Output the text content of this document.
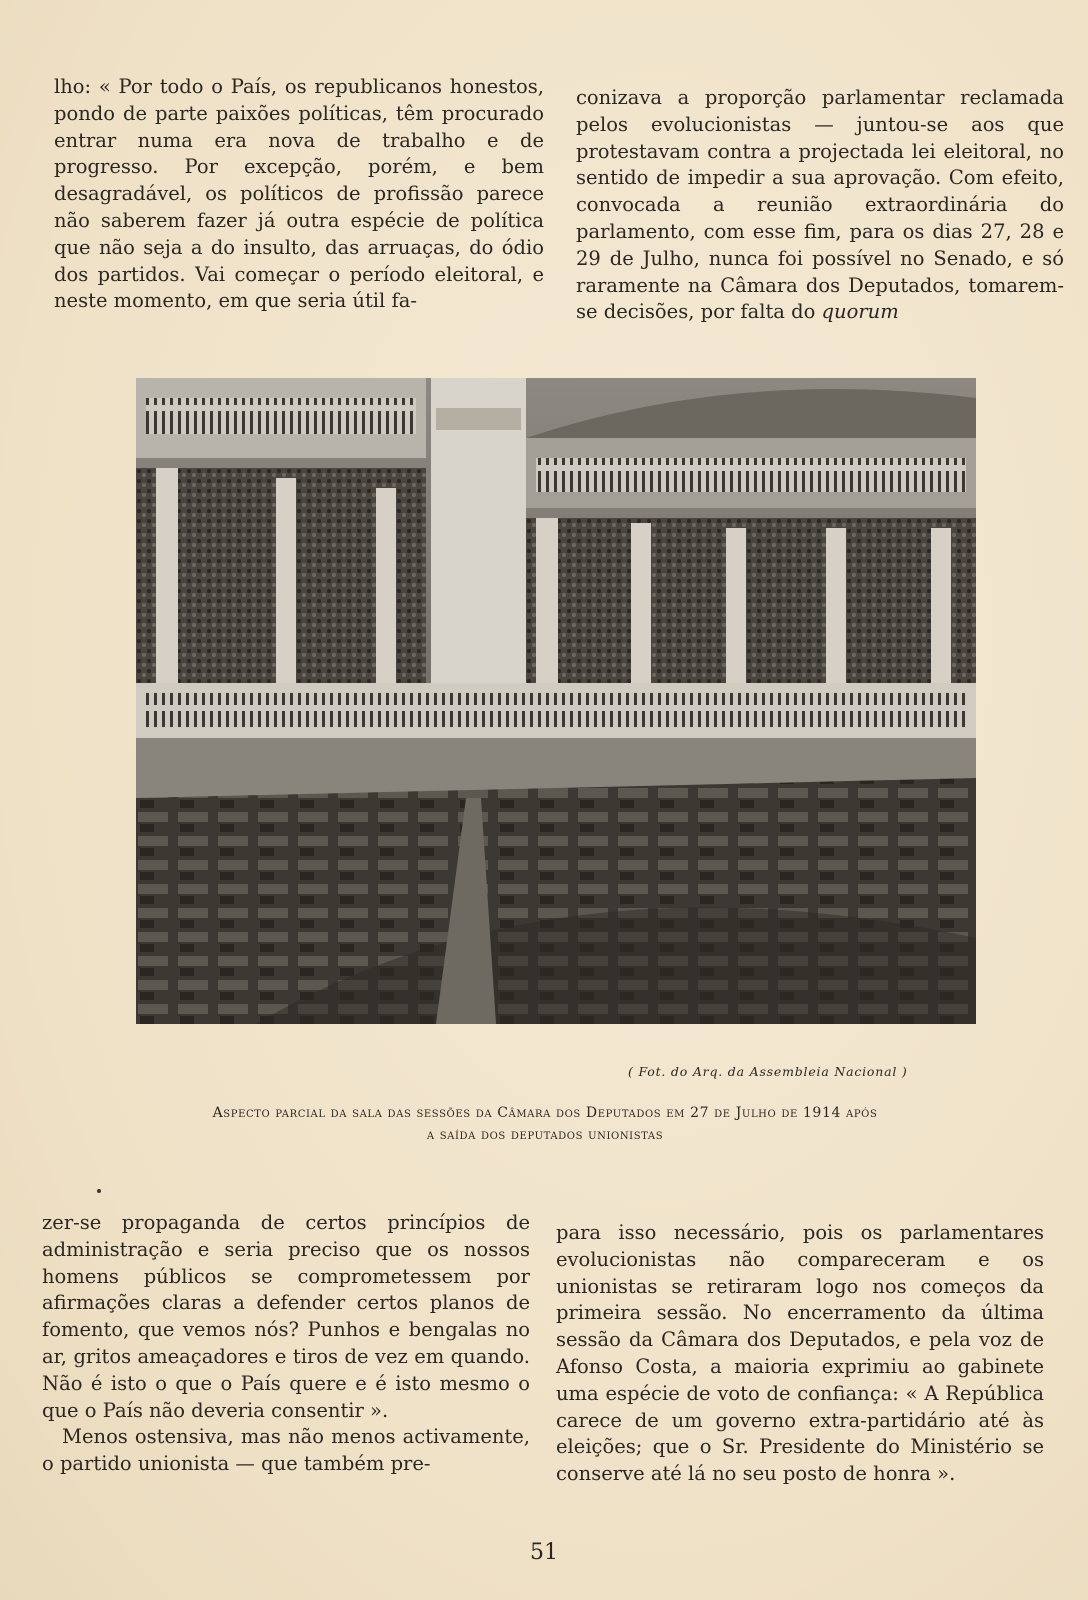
lho: « Por todo o País, os republicanos honestos, pondo de parte paixões políticas, têm procurado entrar numa era nova de trabalho e de progresso. Por excepção, porém, e bem desagradável, os políticos de profissão parece não saberem fazer já outra espécie de política que não seja a do insulto, das arruaças, do ódio dos partidos. Vai começar o período eleitoral, e neste momento, em que seria útil fa-

conizava a proporção parlamentar reclamada pelos evolucionistas — juntou-se aos que protestavam contra a projectada lei eleitoral, no sentido de impedir a sua aprovação. Com efeito, convocada a reunião extraordinária do parlamento, com esse fim, para os dias 27, 28 e 29 de Julho, nunca foi possível no Senado, e só raramente na Câmara dos Deputados, tomarem-se decisões, por falta do quorum

( Fot. do Arq. da Assembleia Nacional )
Aspecto parcial da sala das sessões da Câmara dos Deputados em 27 de Julho de 1914 após
a saída dos deputados unionistas

zer-se propaganda de certos princípios de administração e seria preciso que os nossos homens públicos se comprometessem por afirmações claras a defender certos planos de fomento, que vemos nós? Punhos e bengalas no ar, gritos ameaçadores e tiros de vez em quando. Não é isto o que o País quere e é isto mesmo o que o País não deveria consentir ».

Menos ostensiva, mas não menos activamente, o partido unionista — que também pre-

para isso necessário, pois os parlamentares evolucionistas não compareceram e os unionistas se retiraram logo nos começos da primeira sessão. No encerramento da última sessão da Câmara dos Deputados, e pela voz de Afonso Costa, a maioria exprimiu ao gabinete uma espécie de voto de confiança: « A República carece de um governo extra-partidário até às eleições; que o Sr. Presidente do Ministério se conserve até lá no seu posto de honra ».

51
